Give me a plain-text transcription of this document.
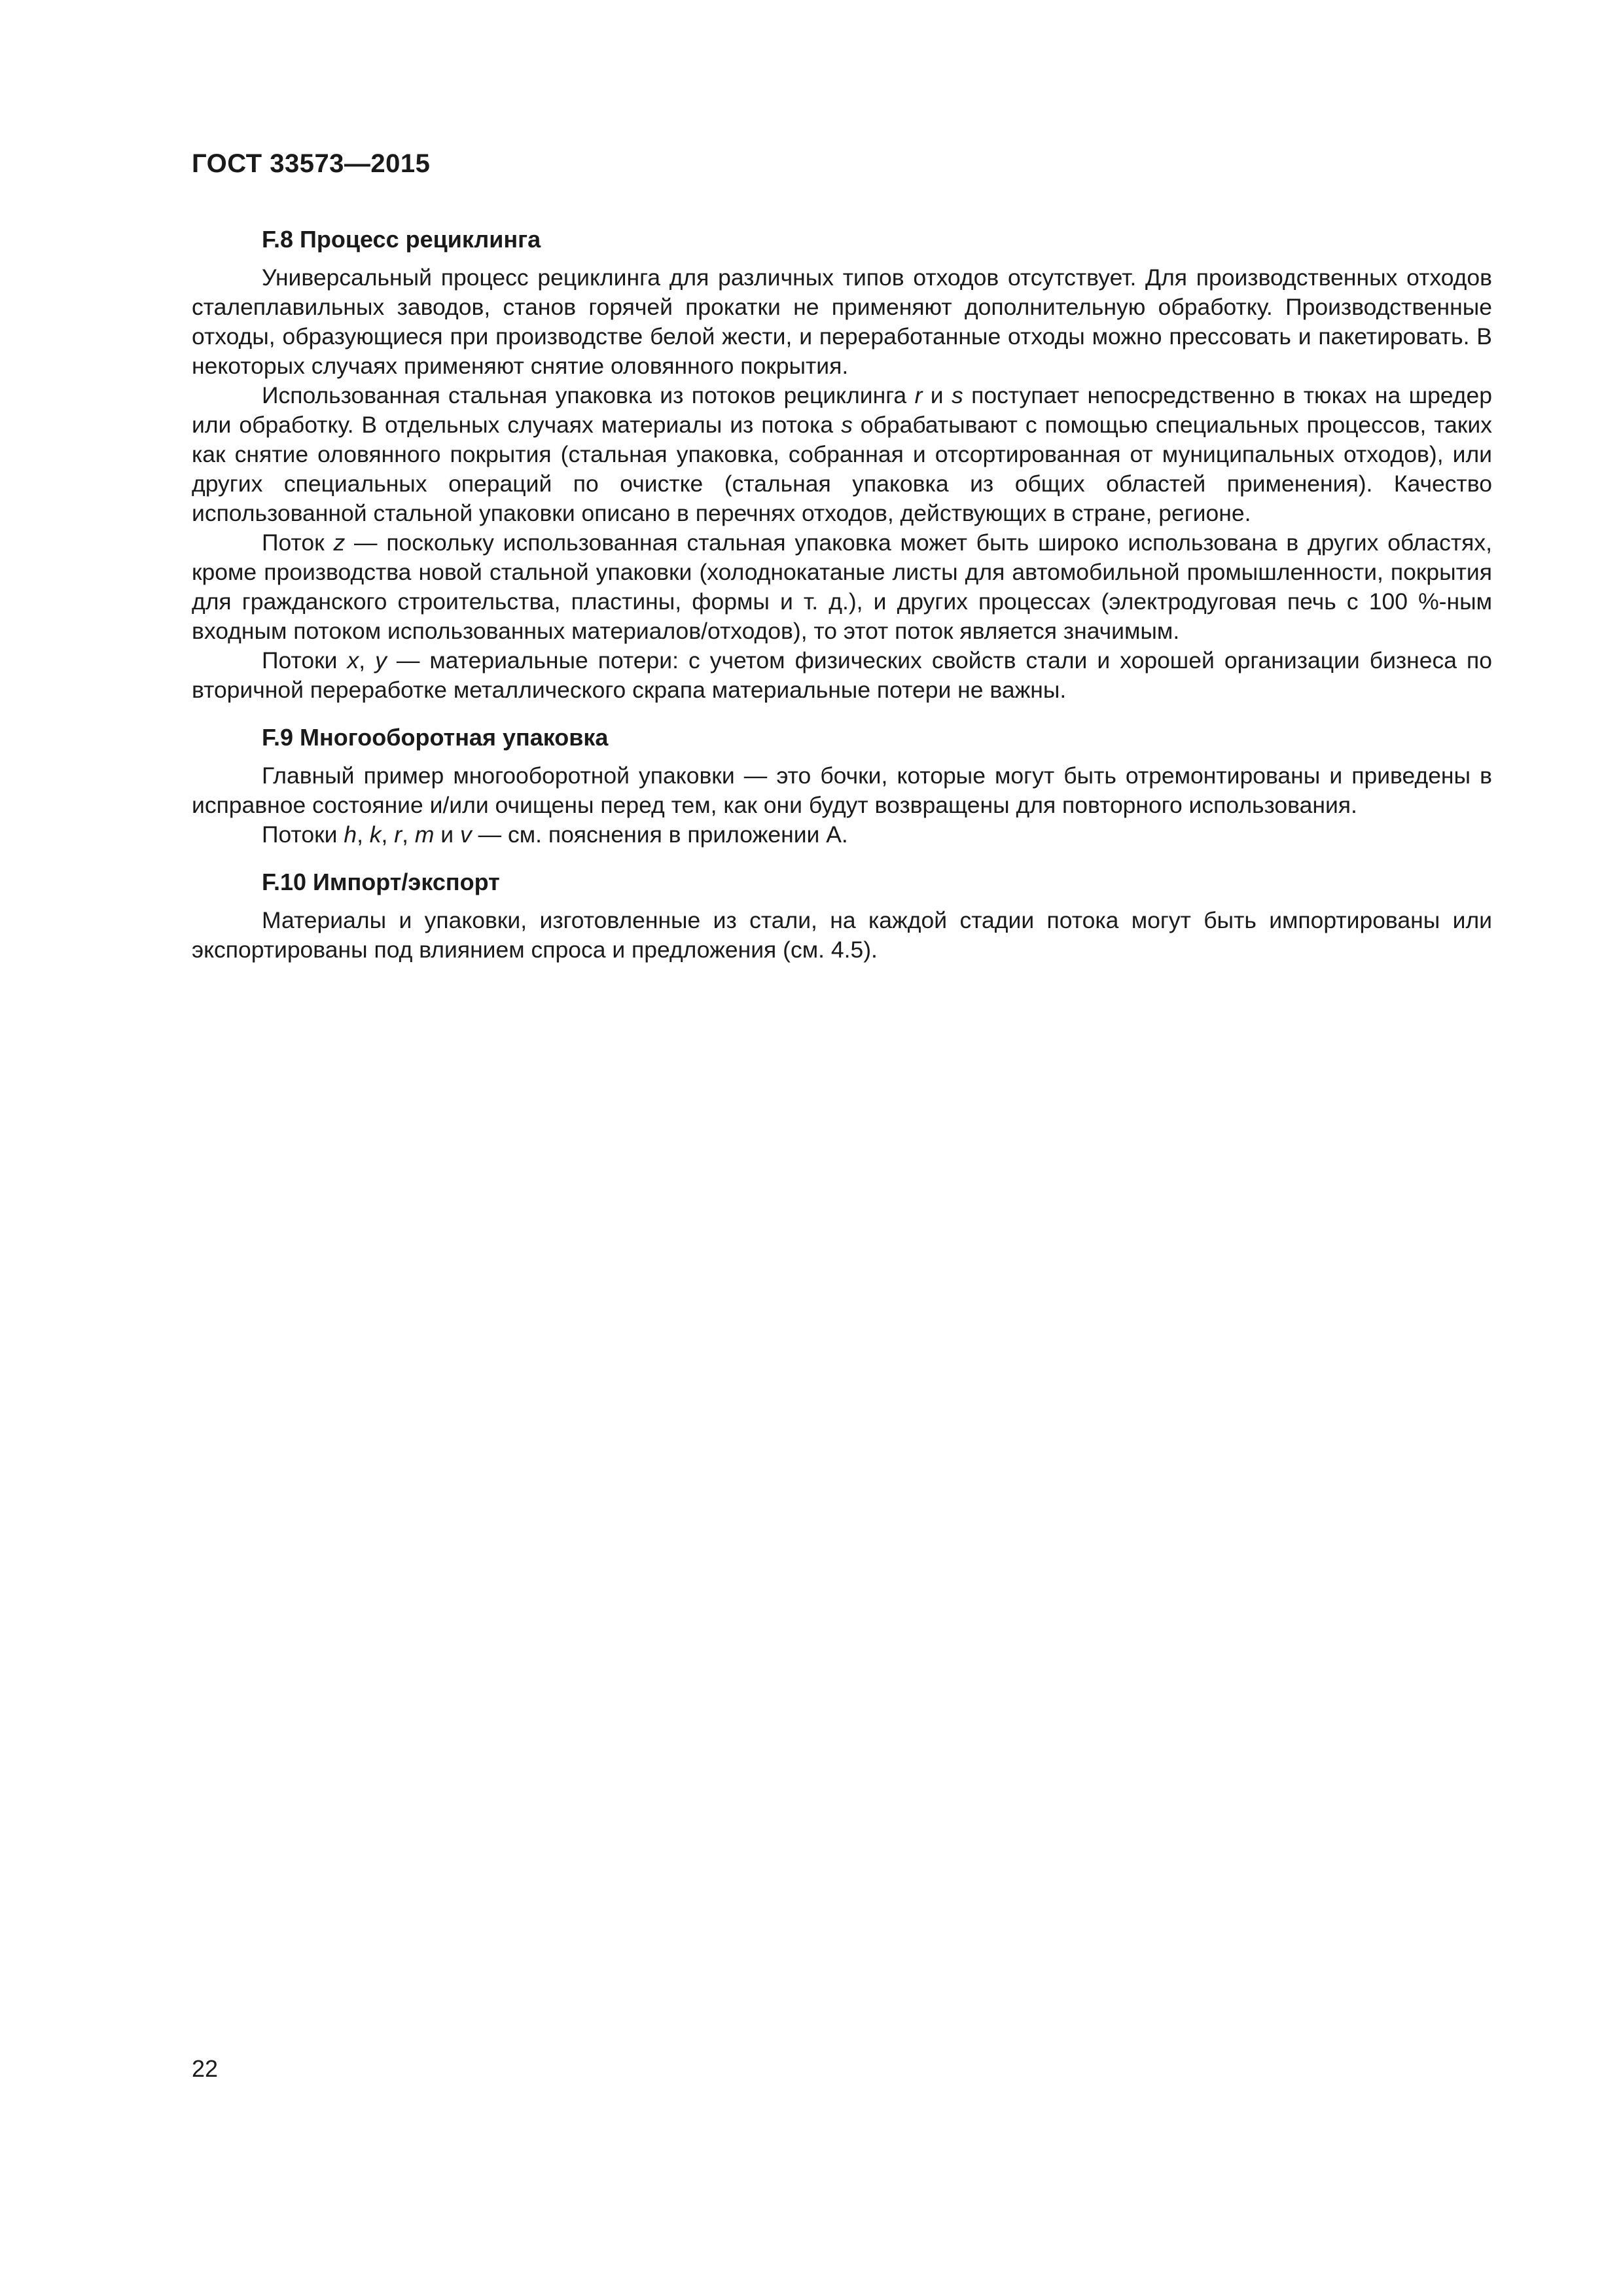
ГОСТ 33573—2015
F.8 Процесс рециклинга

Универсальный процесс рециклинга для различных типов отходов отсутствует. Для производственных отходов сталеплавильных заводов, станов горячей прокатки не применяют дополнительную обработку. Производственные отходы, образующиеся при производстве белой жести, и переработанные отходы можно прессовать и пакетировать. В некоторых случаях применяют снятие оловянного покрытия.

Использованная стальная упаковка из потоков рециклинга r и s поступает непосредственно в тюках на шредер или обработку. В отдельных случаях материалы из потока s обрабатывают с помощью специальных процессов, таких как снятие оловянного покрытия (стальная упаковка, собранная и отсортированная от муниципальных отходов), или других специальных операций по очистке (стальная упаковка из общих областей применения). Качество использованной стальной упаковки описано в перечнях отходов, действующих в стране, регионе.

Поток z — поскольку использованная стальная упаковка может быть широко использована в других областях, кроме производства новой стальной упаковки (холоднокатаные листы для автомобильной промышленности, покрытия для гражданского строительства, пластины, формы и т. д.), и других процессах (электродуговая печь с 100 %-ным входным потоком использованных материалов/отходов), то этот поток является значимым.

Потоки x, y — материальные потери: с учетом физических свойств стали и хорошей организации бизнеса по вторичной переработке металлического скрапа материальные потери не важны.

F.9 Многооборотная упаковка

Главный пример многооборотной упаковки — это бочки, которые могут быть отремонтированы и приведены в исправное состояние и/или очищены перед тем, как они будут возвращены для повторного использования.

Потоки h, k, r, m и v — см. пояснения в приложении А.

F.10 Импорт/экспорт

Материалы и упаковки, изготовленные из стали, на каждой стадии потока могут быть импортированы или экспортированы под влиянием спроса и предложения (см. 4.5).

22
